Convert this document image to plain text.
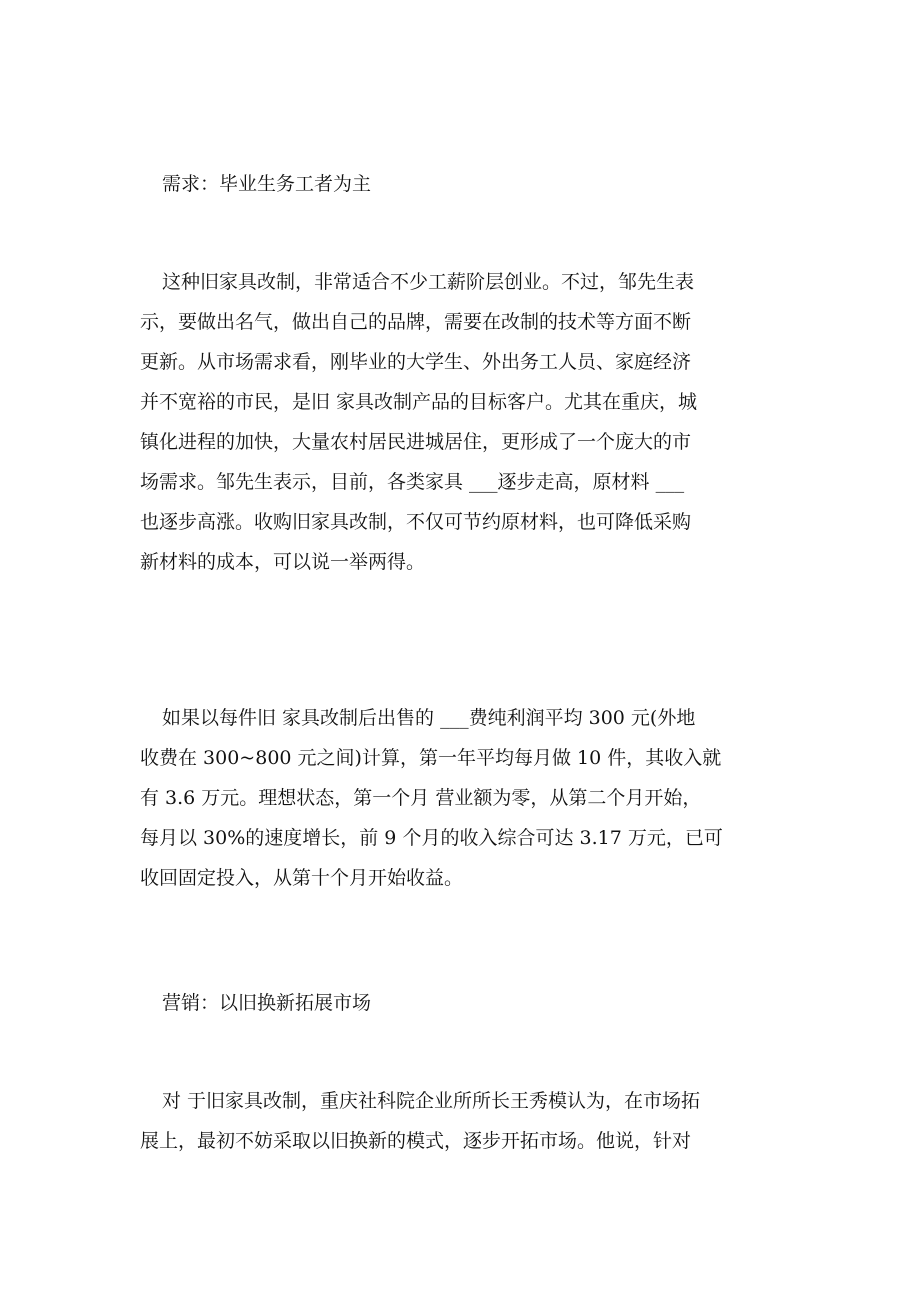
需求：毕业生务工者为主
这种旧家具改制，非常适合不少工薪阶层创业。不过，邹先生表
示，要做出名气，做出自己的品牌，需要在改制的技术等方面不断
更新。从市场需求看，刚毕业的大学生、外出务工人员、家庭经济
并不宽裕的市民，是旧 家具改制产品的目标客户。尤其在重庆，城
镇化进程的加快，大量农村居民进城居住，更形成了一个庞大的市
场需求。邹先生表示，目前，各类家具 ___逐步走高，原材料 ___
也逐步高涨。收购旧家具改制，不仅可节约原材料，也可降低采购
新材料的成本，可以说一举两得。
如果以每件旧 家具改制后出售的 ___费纯利润平均 300 元(外地
收费在 300~800 元之间)计算，第一年平均每月做 10 件，其收入就
有 3.6 万元。理想状态，第一个月 营业额为零，从第二个月开始，
每月以 30%的速度增长，前 9 个月的收入综合可达 3.17 万元，已可
收回固定投入，从第十个月开始收益。
营销：以旧换新拓展市场
对 于旧家具改制，重庆社科院企业所所长王秀模认为，在市场拓
展上，最初不妨采取以旧换新的模式，逐步开拓市场。他说，针对
